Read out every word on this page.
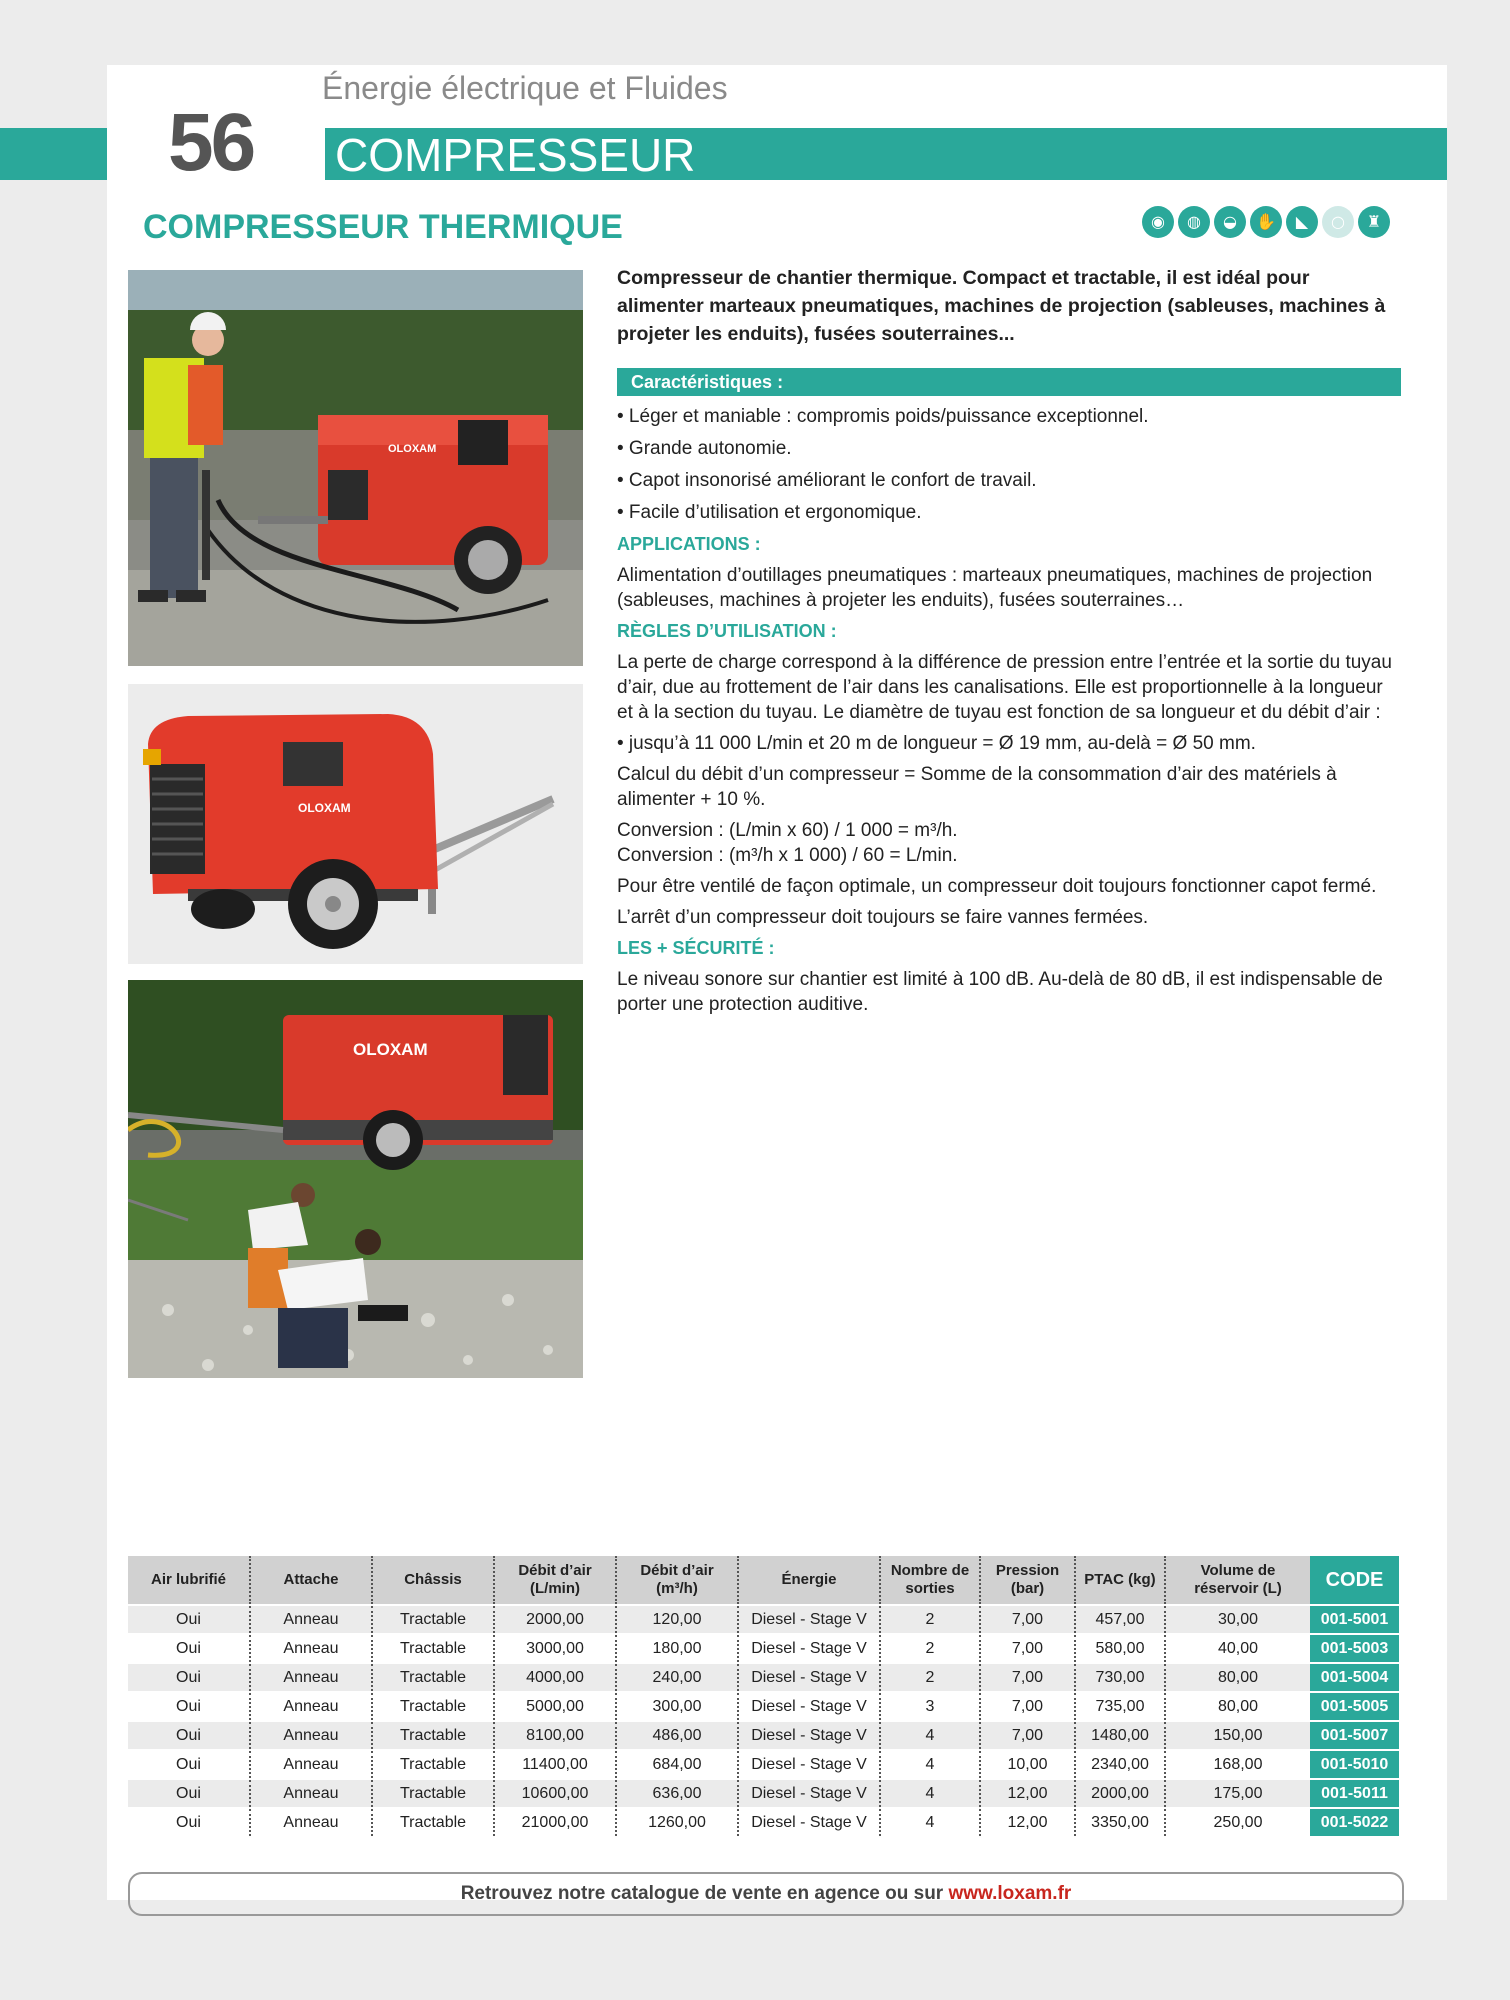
Énergie électrique et Fluides
56 COMPRESSEUR
COMPRESSEUR THERMIQUE	◉ ◍ ◒ ✋ ◣ ○ ♜
OLOXAM
OLOXAM
OLOXAM

Compresseur de chantier thermique. Compact et tractable, il est idéal pour alimenter marteaux pneumatiques, machines de projection (sableuses, machines à projeter les enduits), fusées souterraines...

Caractéristiques :

• Léger et maniable : compromis poids/puissance exceptionnel.

• Grande autonomie.

• Capot insonorisé améliorant le confort de travail.

• Facile d’utilisation et ergonomique.

APPLICATIONS :

Alimentation d’outillages pneumatiques : marteaux pneumatiques, machines de projection (sableuses, machines à projeter les enduits), fusées souterraines…

RÈGLES D’UTILISATION :

La perte de charge correspond à la différence de pression entre l’entrée et la sortie du tuyau d’air, due au frottement de l’air dans les canalisations. Elle est proportionnelle à la longueur et à la section du tuyau. Le diamètre de tuyau est fonction de sa longueur et du débit d’air :

• jusqu’à 11 000 L/min et 20 m de longueur = Ø 19 mm, au-delà = Ø 50 mm.

Calcul du débit d’un compresseur = Somme de la consommation d’air des matériels à alimenter + 10 %.

Conversion : (L/min x 60) / 1 000 = m³/h.

Conversion : (m³/h x 1 000) / 60 = L/min.

Pour être ventilé de façon optimale, un compresseur doit toujours fonctionner capot fermé.

L’arrêt d’un compresseur doit toujours se faire vannes fermées.

LES + SÉCURITÉ :

Le niveau sonore sur chantier est limité à 100 dB. Au-delà de 80 dB, il est indispensable de porter une protection auditive.

Air lubrifié	Attache	Châssis	Débit d’air (L/min)	Débit d’air (m³/h)	Énergie	Nombre de sorties	Pression (bar)	PTAC (kg)	Volume de réservoir (L)	CODE
Oui	Anneau	Tractable	2000,00	120,00	Diesel - Stage V	2	7,00	457,00	30,00	001-5001
Oui	Anneau	Tractable	3000,00	180,00	Diesel - Stage V	2	7,00	580,00	40,00	001-5003
Oui	Anneau	Tractable	4000,00	240,00	Diesel - Stage V	2	7,00	730,00	80,00	001-5004
Oui	Anneau	Tractable	5000,00	300,00	Diesel - Stage V	3	7,00	735,00	80,00	001-5005
Oui	Anneau	Tractable	8100,00	486,00	Diesel - Stage V	4	7,00	1480,00	150,00	001-5007
Oui	Anneau	Tractable	11400,00	684,00	Diesel - Stage V	4	10,00	2340,00	168,00	001-5010
Oui	Anneau	Tractable	10600,00	636,00	Diesel - Stage V	4	12,00	2000,00	175,00	001-5011
Oui	Anneau	Tractable	21000,00	1260,00	Diesel - Stage V	4	12,00	3350,00	250,00	001-5022
Retrouvez notre catalogue de vente en agence ou sur www.loxam.fr
